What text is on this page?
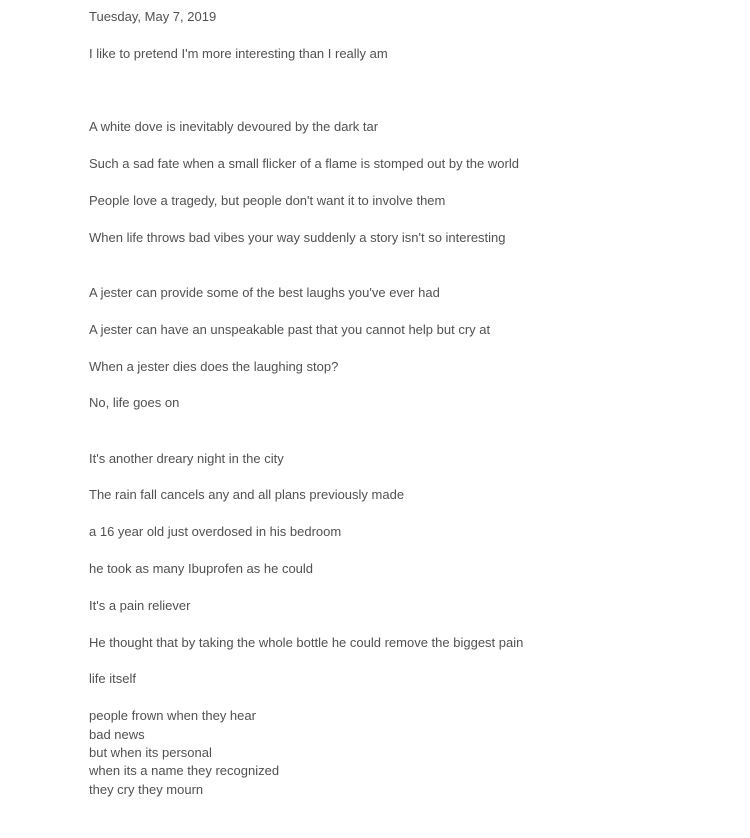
Tuesday, May 7, 2019
I like to pretend I'm more interesting than I really am
A white dove is inevitably devoured by the dark tar
Such a sad fate when a small flicker of a flame is stomped out by the world
People love a tragedy, but people don't want it to involve them
When life throws bad vibes your way suddenly a story isn't so interesting
A jester can provide some of the best laughs you've ever had
A jester can have an unspeakable past that you cannot help but cry at
When a jester dies does the laughing stop?
No, life goes on
It's another dreary night in the city
The rain fall cancels any and all plans previously made
a 16 year old just overdosed in his bedroom
he took as many Ibuprofen as he could
It's a pain reliever
He thought that by taking the whole bottle he could remove the biggest pain
life itself
people frown when they hear
bad news
but when its personal
when its a name they recognized
they cry they mourn
